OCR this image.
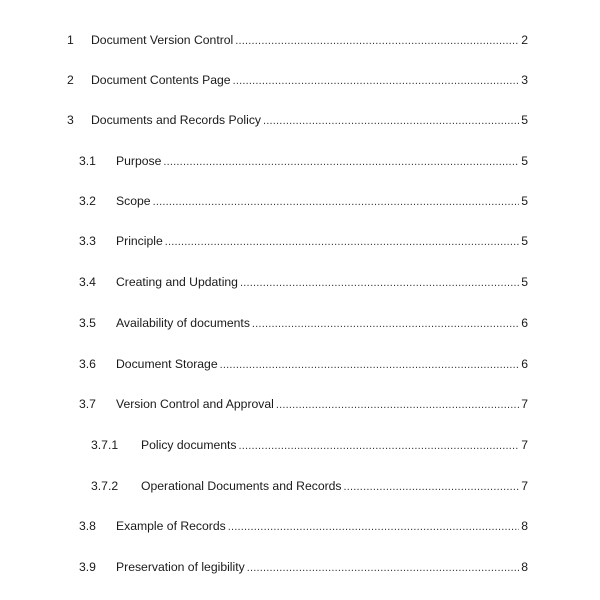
1 Document Version Control .....	2
2 Document Contents Page .....	3
3 Documents and Records Policy .....	5
3.1 Purpose .....	5
3.2 Scope .....	5
3.3 Principle .....	5
3.4 Creating and Updating .....	5
3.5 Availability of documents .....	6
3.6 Document Storage .....	6
3.7 Version Control and Approval .....	7
3.7.1 Policy documents .....	7
3.7.2 Operational Documents and Records .....	7
3.8 Example of Records .....	8
3.9 Preservation of legibility .....	8
